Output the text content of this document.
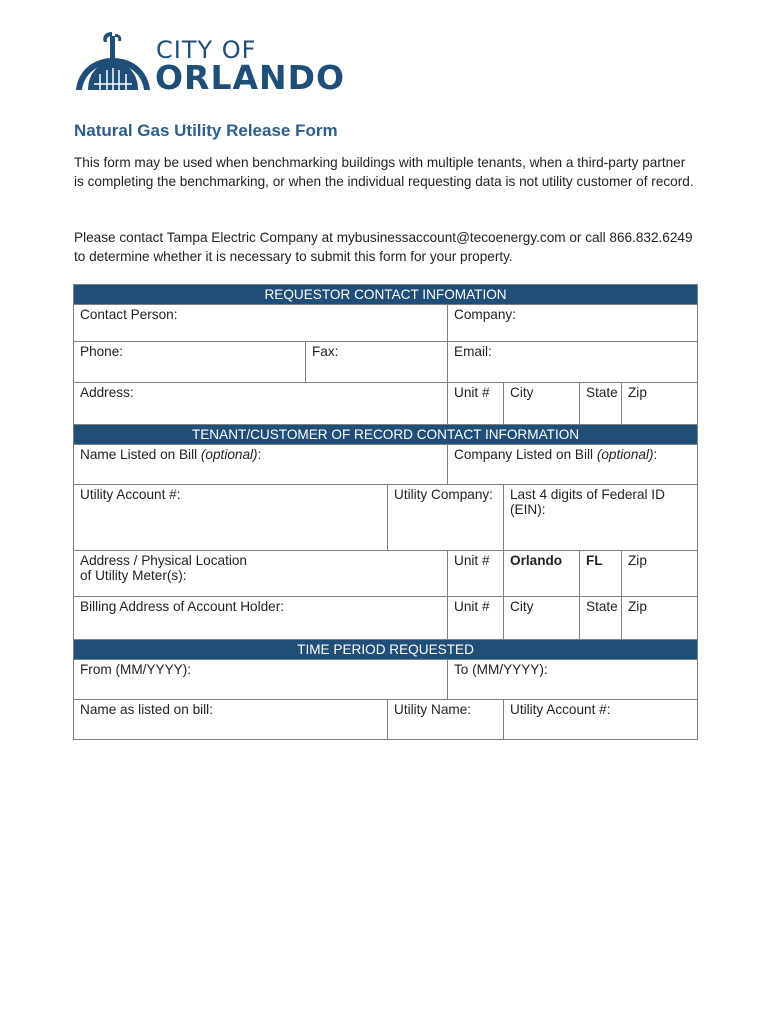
CITY OF
ORLANDO
Natural Gas Utility Release Form
This form may be used when benchmarking buildings with multiple tenants, when a third-party partner is completing the benchmarking, or when the individual requesting data is not utility customer of record.
Please contact Tampa Electric Company at mybusinessaccount@tecoenergy.com or call 866.832.6249 to determine whether it is necessary to submit this form for your property.
REQUESTOR CONTACT INFOMATION						
Contact Person:			Company:			
Phone:	Fax:		Email:			
Address:			Unit #	City	State	Zip
TENANT/CUSTOMER OF RECORD CONTACT INFORMATION						
Name Listed on Bill (optional):			Company Listed on Bill (optional):			
Utility Account #:		Utility Company:		Last 4 digits of Federal ID (EIN):		

Address / Physical Location
of Utility Meter(s):			Unit #	Orlando	FL	Zip
Billing Address of Account Holder:			Unit #	City	State	Zip
TIME PERIOD REQUESTED						
From (MM/YYYY):			To (MM/YYYY):			
Name as listed on bill:		Utility Name:		Utility Account #:		
